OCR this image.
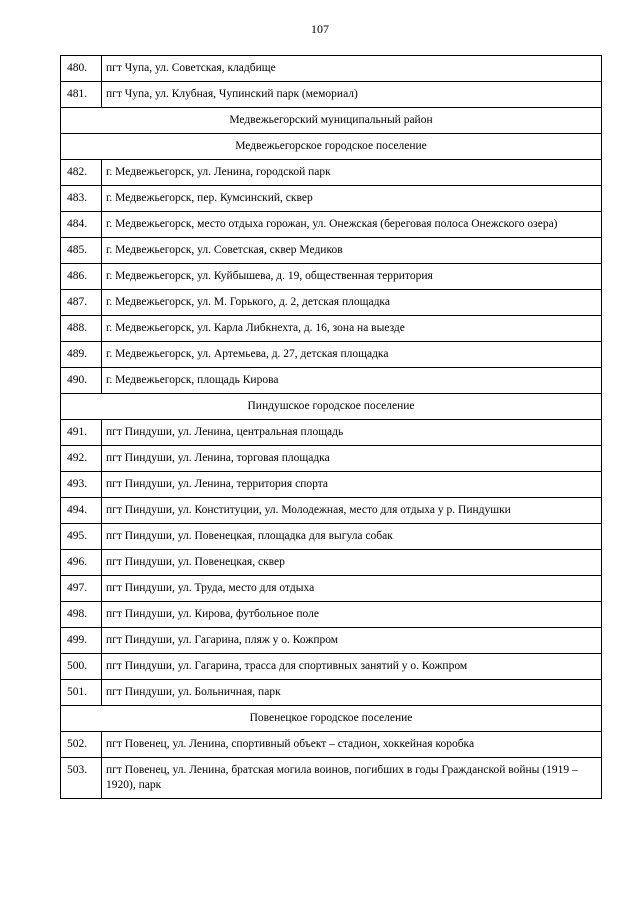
107
480.	пгт Чупа, ул. Советская, кладбище
481.	пгт Чупа, ул. Клубная, Чупинский парк (мемориал)
Медвежьегорский муниципальный район	
Медвежьегорское городское поселение	
482.	г. Медвежьегорск, ул. Ленина, городской парк
483.	г. Медвежьегорск, пер. Кумсинский, сквер
484.	г. Медвежьегорск, место отдыха горожан, ул. Онежская (береговая полоса Онежского озера)
485.	г. Медвежьегорск, ул. Советская, сквер Медиков
486.	г. Медвежьегорск, ул. Куйбышева, д. 19, общественная территория
487.	г. Медвежьегорск, ул. М. Горького, д. 2, детская площадка
488.	г. Медвежьегорск, ул. Карла Либкнехта, д. 16, зона на выезде
489.	г. Медвежьегорск, ул. Артемьева, д. 27, детская площадка
490.	г. Медвежьегорск, площадь Кирова
Пиндушское городское поселение	
491.	пгт Пиндуши, ул. Ленина, центральная площадь
492.	пгт Пиндуши, ул. Ленина, торговая площадка
493.	пгт Пиндуши, ул. Ленина, территория спорта
494.	пгт Пиндуши, ул. Конституции, ул. Молодежная, место для отдыха у р. Пиндушки
495.	пгт Пиндуши, ул. Повенецкая, площадка для выгула собак
496.	пгт Пиндуши, ул. Повенецкая, сквер
497.	пгт Пиндуши, ул. Труда, место для отдыха
498.	пгт Пиндуши, ул. Кирова, футбольное поле
499.	пгт Пиндуши, ул. Гагарина, пляж у о. Кожпром
500.	пгт Пиндуши, ул. Гагарина, трасса для спортивных занятий у о. Кожпром
501.	пгт Пиндуши, ул. Больничная, парк
Повенецкое городское поселение	
502.	пгт Повенец, ул. Ленина, спортивный объект – стадион, хоккейная коробка
503.	пгт Повенец, ул. Ленина, братская могила воинов, погибших в годы Гражданской войны (1919 –1920), парк
